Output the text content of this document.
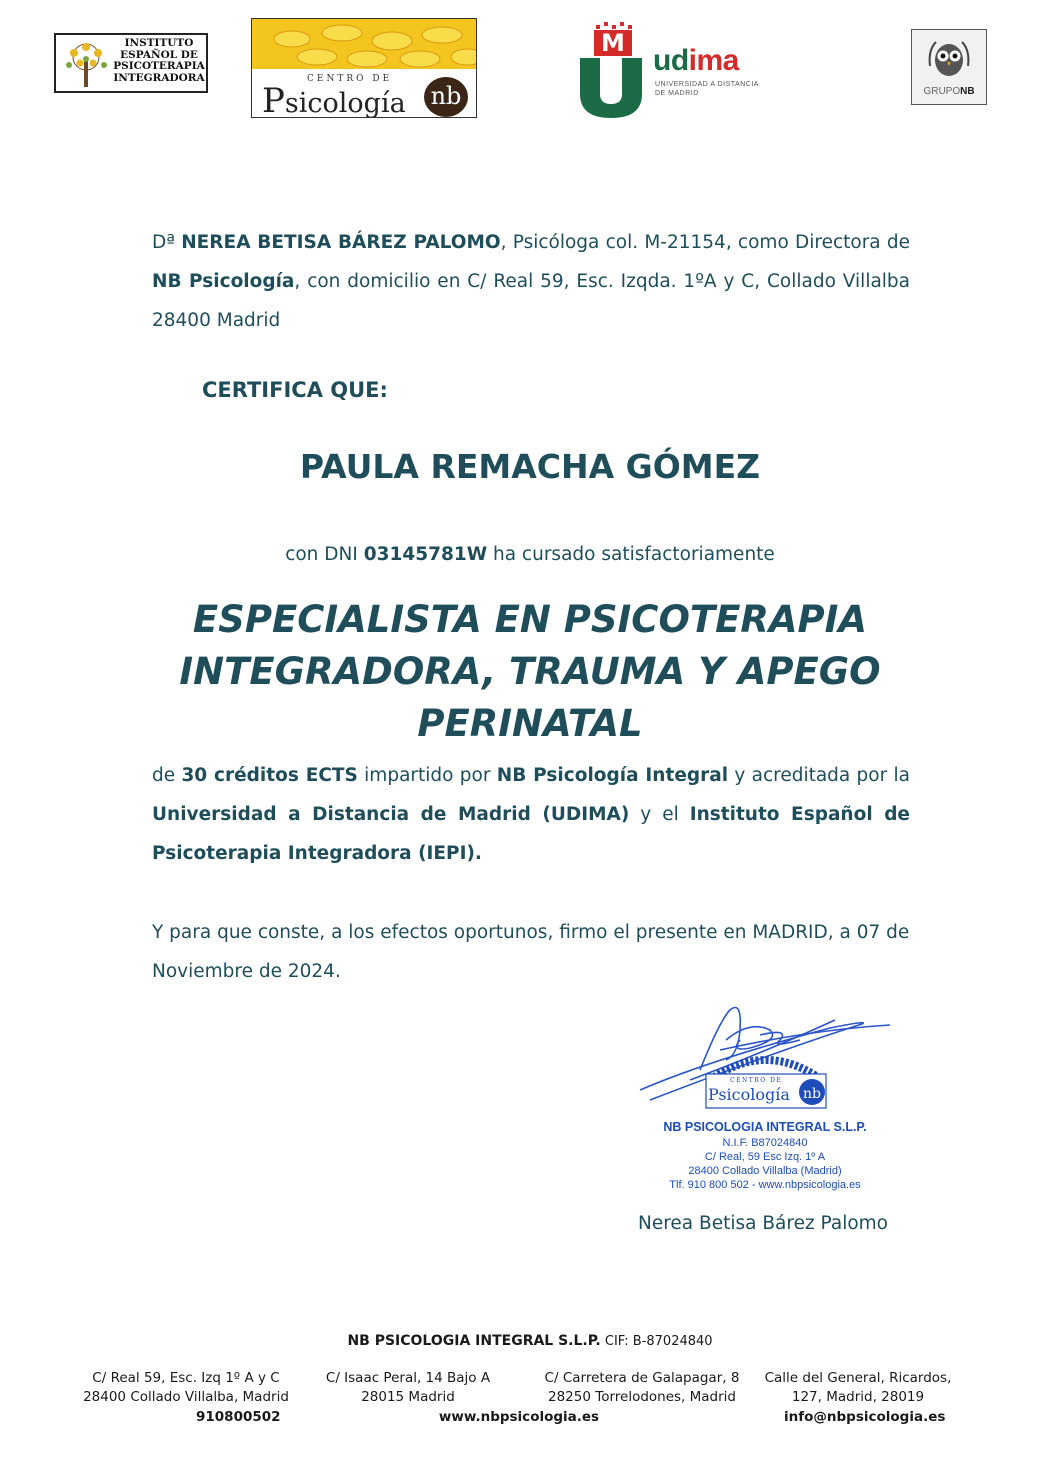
INSTITUTO
ESPAÑOL DE
PSICOTERAPIA
INTEGRADORA	CENTRO DE
Psicología nb
M
udima
UNIVERSIDAD A DISTANCIA
DE MADRID	GRUPONB
Dª NEREA BETISA BÁREZ PALOMO, Psicóloga col. M-21154, como Directora de NB Psicología, con domicilio en C/ Real 59, Esc. Izqda. 1ºA y C, Collado Villalba 28400 Madrid
CERTIFICA QUE:
PAULA REMACHA GÓMEZ
con DNI 03145781W ha cursado satisfactoriamente
ESPECIALISTA EN PSICOTERAPIA
INTEGRADORA, TRAUMA Y APEGO
PERINATAL
de 30 créditos ECTS impartido por NB Psicología Integral y acreditada por la Universidad a Distancia de Madrid (UDIMA) y el Instituto Español de Psicoterapia Integradora (IEPI).
Y para que conste, a los efectos oportunos, firmo el presente en MADRID, a 07 de Noviembre de 2024.
CENTRO DE
Psicología nb
NB PSICOLOGIA INTEGRAL S.L.P.
N.I.F. B87024840
C/ Real, 59 Esc Izq. 1º A
28400 Collado Villalba (Madrid)
Tlf. 910 800 502 - www.nbpsicologia.es
Nerea Betisa Bárez Palomo
NB PSICOLOGIA INTEGRAL S.L.P. CIF: B-87024840
C/ Real 59, Esc. Izq 1º A y C
28400 Collado Villalba, Madrid
C/ Isaac Peral, 14 Bajo A
28015 Madrid
C/ Carretera de Galapagar, 8
28250 Torrelodones, Madrid
Calle del General, Ricardos,
127, Madrid, 28019
910800502	www.nbpsicologia.es	info@nbpsicologia.es
